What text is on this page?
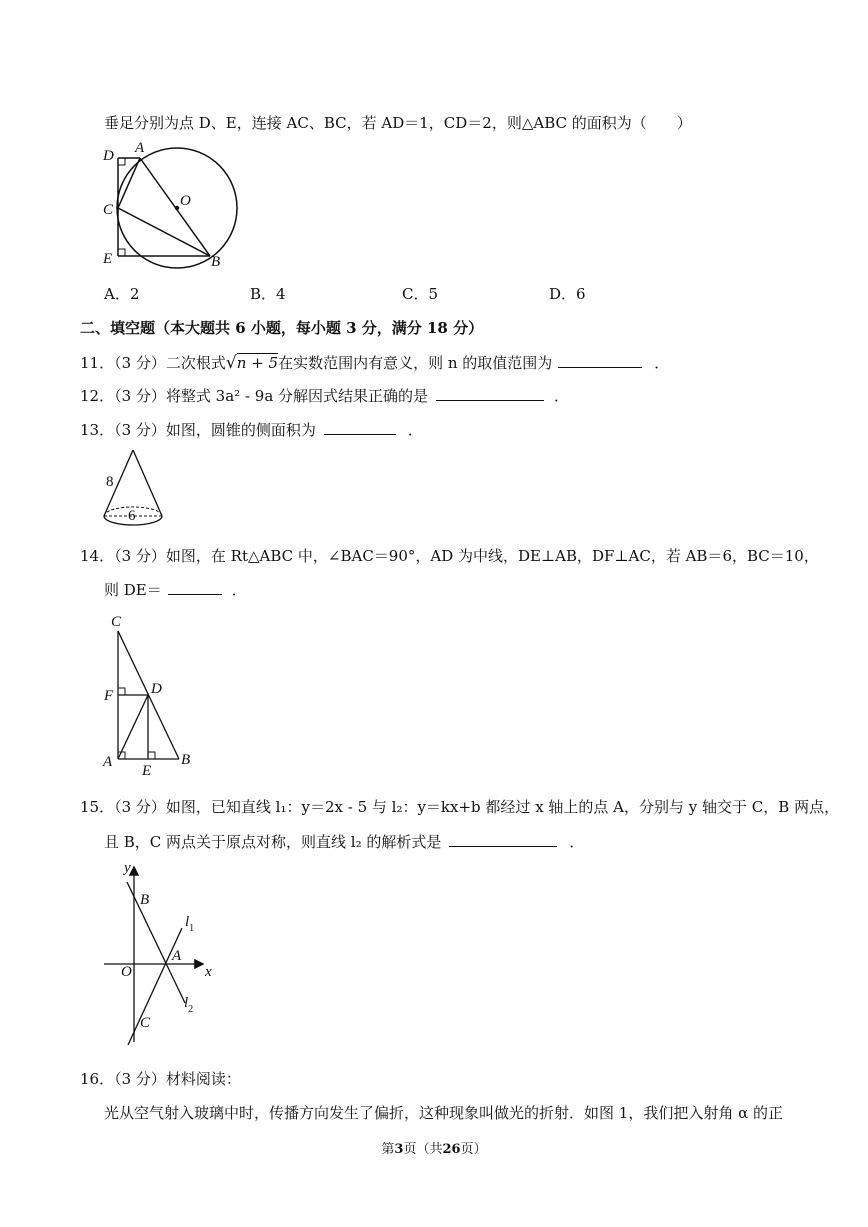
垂足分别为点 D、E，连接 AC、BC，若 AD＝1，CD＝2，则△ABC 的面积为（　　）
D A
O
C
E	B
A．2	B．4	C．5	D．6
二、填空题（本大题共 6 小题，每小题 3 分，满分 18 分）
11．（3 分）二次根式√n + 5在实数范围内有意义，则 n 的取值范围为	．
12．（3 分）将整式 3a² - 9a 分解因式结果正确的是	．
13．（3 分）如图，圆锥的侧面积为	．
8
6
14．（3 分）如图，在 Rt△ABC 中，∠BAC＝90°，AD 为中线，DE⊥AB，DF⊥AC，若 AB＝6，BC＝10，
则 DE＝	．
C
F	D
A
E
B
15．（3 分）如图，已知直线 l₁：y＝2x - 5 与 l₂：y＝kx+b 都经过 x 轴上的点 A，分别与 y 轴交于 C，B 两点，
且 B，C 两点关于原点对称，则直线 l₂ 的解析式是	．
y
B
$l_1$
O
A
x
$l_2$
C
16．（3 分）材料阅读：
光从空气射入玻璃中时，传播方向发生了偏折，这种现象叫做光的折射．如图 1，我们把入射角 α 的正
第3页（共26页）
